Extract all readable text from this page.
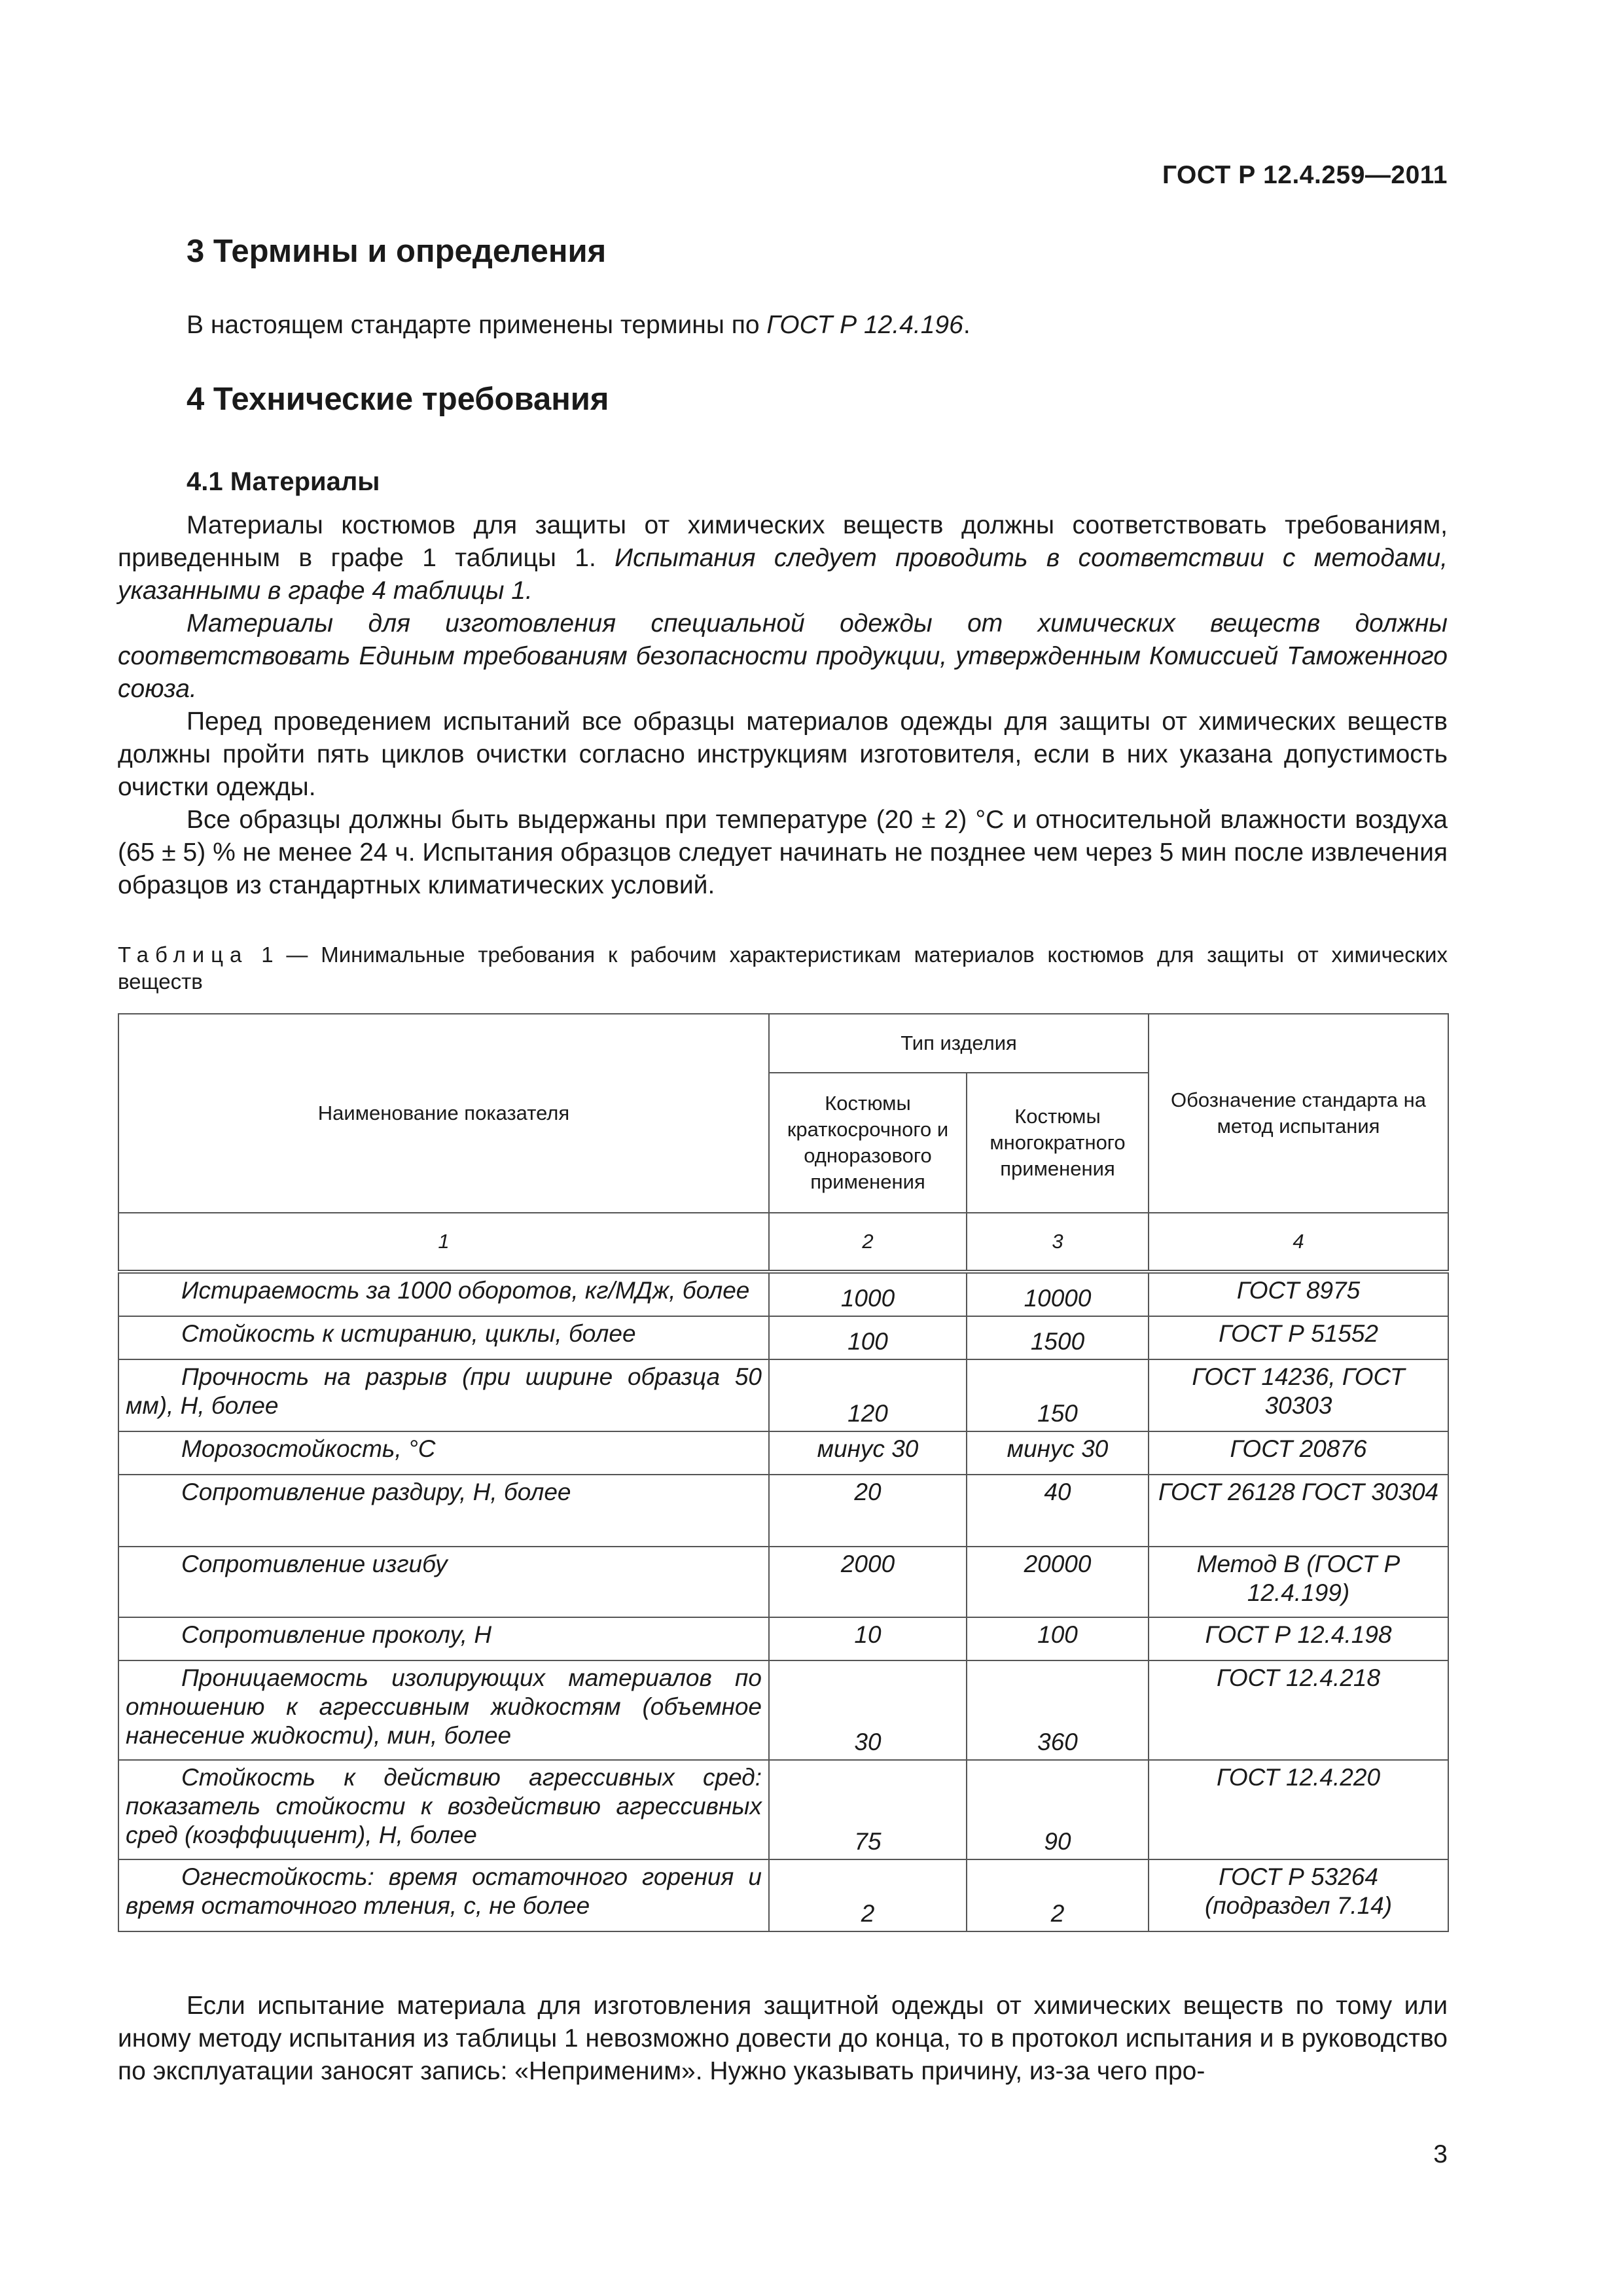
ГОСТ Р 12.4.259—2011
3 Термины и определения

В настоящем стандарте применены термины по ГОСТ Р 12.4.196.

4 Технические требования
4.1 Материалы

Материалы костюмов для защиты от химических веществ должны соответствовать требованиям, приведенным в графе 1 таблицы 1. Испытания следует проводить в соответствии с методами, указанными в графе 4 таблицы 1.

Материалы для изготовления специальной одежды от химических веществ должны соответствовать Единым требованиям безопасности продукции, утвержденным Комиссией Таможенного союза.

Перед проведением испытаний все образцы материалов одежды для защиты от химических веществ должны пройти пять циклов очистки согласно инструкциям изготовителя, если в них указана допустимость очистки одежды.

Все образцы должны быть выдержаны при температуре (20 ± 2) °С и относительной влажности воздуха (65 ± 5) % не менее 24 ч. Испытания образцов следует начинать не позднее чем через 5 мин после извлечения образцов из стандартных климатических условий.

Таблица 1 — Минимальные требования к рабочим характеристикам материалов костюмов для защиты от химических веществ

Наименование показателя	Тип изделия		Обозначение стандарта на метод испытания
	Костюмы краткосрочного и одноразового применения	Костюмы многократного применения	
1	2	3	4
Истираемость за 1000 оборотов, кг/МДж, более	1000	10000	ГОСТ 8975
Стойкость к истиранию, циклы, более	100	1500	ГОСТ Р 51552
Прочность на разрыв (при ширине образца 50 мм), Н, более	120	150	ГОСТ 14236, ГОСТ 30303
Морозостойкость, °С	минус 30	минус 30	ГОСТ 20876
Сопротивление раздиру, Н, более	20	40	ГОСТ 26128 ГОСТ 30304
Сопротивление изгибу	2000	20000	Метод В (ГОСТ Р 12.4.199)
Сопротивление проколу, Н	10	100	ГОСТ Р 12.4.198
Проницаемость изолирующих материалов по отношению к агрессивным жидкостям (объемное нанесение жидкости), мин, более	30	360	ГОСТ 12.4.218
Стойкость к действию агрессивных сред: показатель стойкости к воздействию агрессивных сред (коэффициент), Н, более	75	90	ГОСТ 12.4.220
Огнестойкость: время остаточного горения и время остаточного тления, с, не более	2	2	ГОСТ Р 53264 (подраздел 7.14)

Если испытание материала для изготовления защитной одежды от химических веществ по тому или иному методу испытания из таблицы 1 невозможно довести до конца, то в протокол испытания и в руководство по эксплуатации заносят запись: «Неприменим». Нужно указывать причину, из-за чего про-

3
